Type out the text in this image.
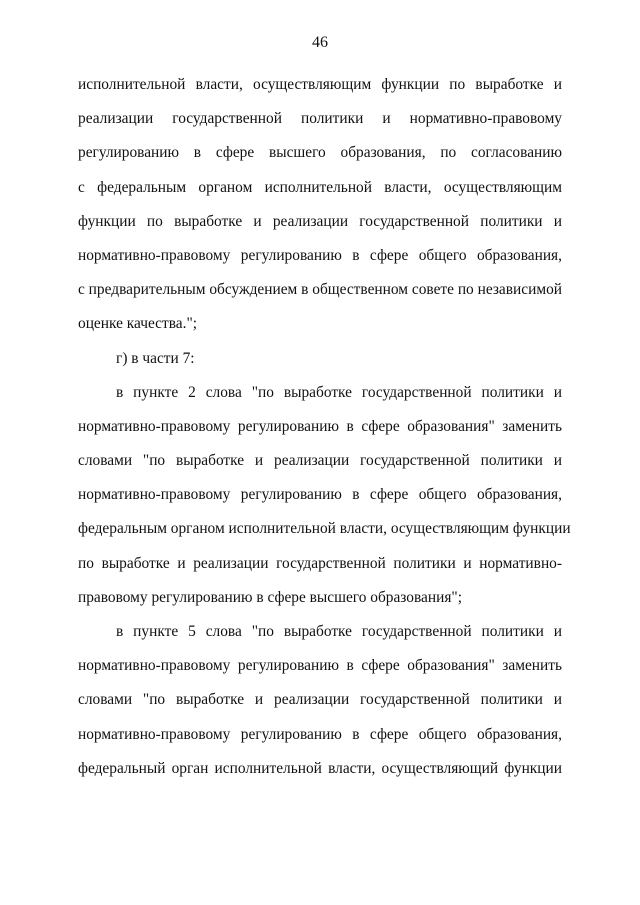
46
исполнительной власти, осуществляющим функции по выработке и
реализации государственной политики и нормативно-правовому
регулированию в сфере высшего образования, по согласованию
с федеральным органом исполнительной власти, осуществляющим
функции по выработке и реализации государственной политики и
нормативно-правовому регулированию в сфере общего образования,
с предварительным обсуждением в общественном совете по независимой
оценке качества.";
г) в части 7:
в пункте 2 слова "по выработке государственной политики и
нормативно-правовому регулированию в сфере образования" заменить
словами "по выработке и реализации государственной политики и
нормативно-правовому регулированию в сфере общего образования,
федеральным органом исполнительной власти, осуществляющим функции
по выработке и реализации государственной политики и нормативно-
правовому регулированию в сфере высшего образования";
в пункте 5 слова "по выработке государственной политики и
нормативно-правовому регулированию в сфере образования" заменить
словами "по выработке и реализации государственной политики и
нормативно-правовому регулированию в сфере общего образования,
федеральный орган исполнительной власти, осуществляющий функции
